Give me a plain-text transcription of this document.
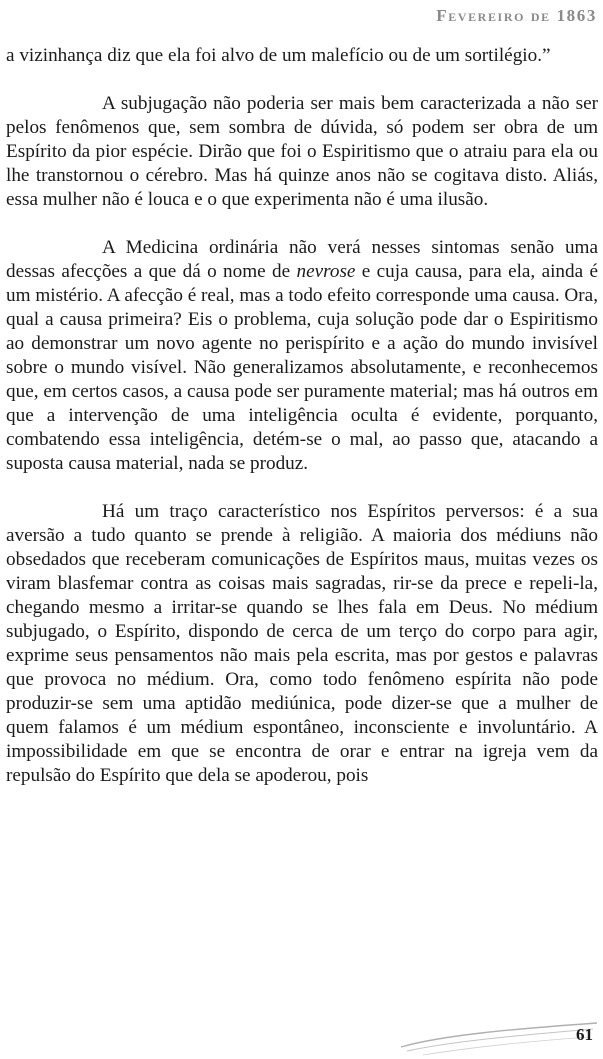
Fevereiro de 1863

a vizinhança diz que ela foi alvo de um malefício ou de um sortilégio.”

A subjugação não poderia ser mais bem caracterizada a não ser pelos fenômenos que, sem sombra de dúvida, só podem ser obra de um Espírito da pior espécie. Dirão que foi o Espiritismo que o atraiu para ela ou lhe transtornou o cérebro. Mas há quinze anos não se cogitava disto. Aliás, essa mulher não é louca e o que experimenta não é uma ilusão.

A Medicina ordinária não verá nesses sintomas senão uma dessas afecções a que dá o nome de nevrose e cuja causa, para ela, ainda é um mistério. A afecção é real, mas a todo efeito corresponde uma causa. Ora, qual a causa primeira? Eis o problema, cuja solução pode dar o Espiritismo ao demonstrar um novo agente no perispírito e a ação do mundo invisível sobre o mundo visível. Não generalizamos absolutamente, e reconhecemos que, em certos casos, a causa pode ser puramente material; mas há outros em que a intervenção de uma inteligência oculta é evidente, porquanto, combatendo essa inteligência, detém-se o mal, ao passo que, atacando a suposta causa material, nada se produz.

Há um traço característico nos Espíritos perversos: é a sua aversão a tudo quanto se prende à religião. A maioria dos médiuns não obsedados que receberam comunicações de Espíritos maus, muitas vezes os viram blasfemar contra as coisas mais sagradas, rir-se da prece e repeli-la, chegando mesmo a irritar-se quando se lhes fala em Deus. No médium subjugado, o Espírito, dispondo de cerca de um terço do corpo para agir, exprime seus pensamentos não mais pela escrita, mas por gestos e palavras que provoca no médium. Ora, como todo fenômeno espírita não pode produzir-se sem uma aptidão mediúnica, pode dizer-se que a mulher de quem falamos é um médium espontâneo, inconsciente e involuntário. A impossibilidade em que se encontra de orar e entrar na igreja vem da repulsão do Espírito que dela se apoderou, pois

61
